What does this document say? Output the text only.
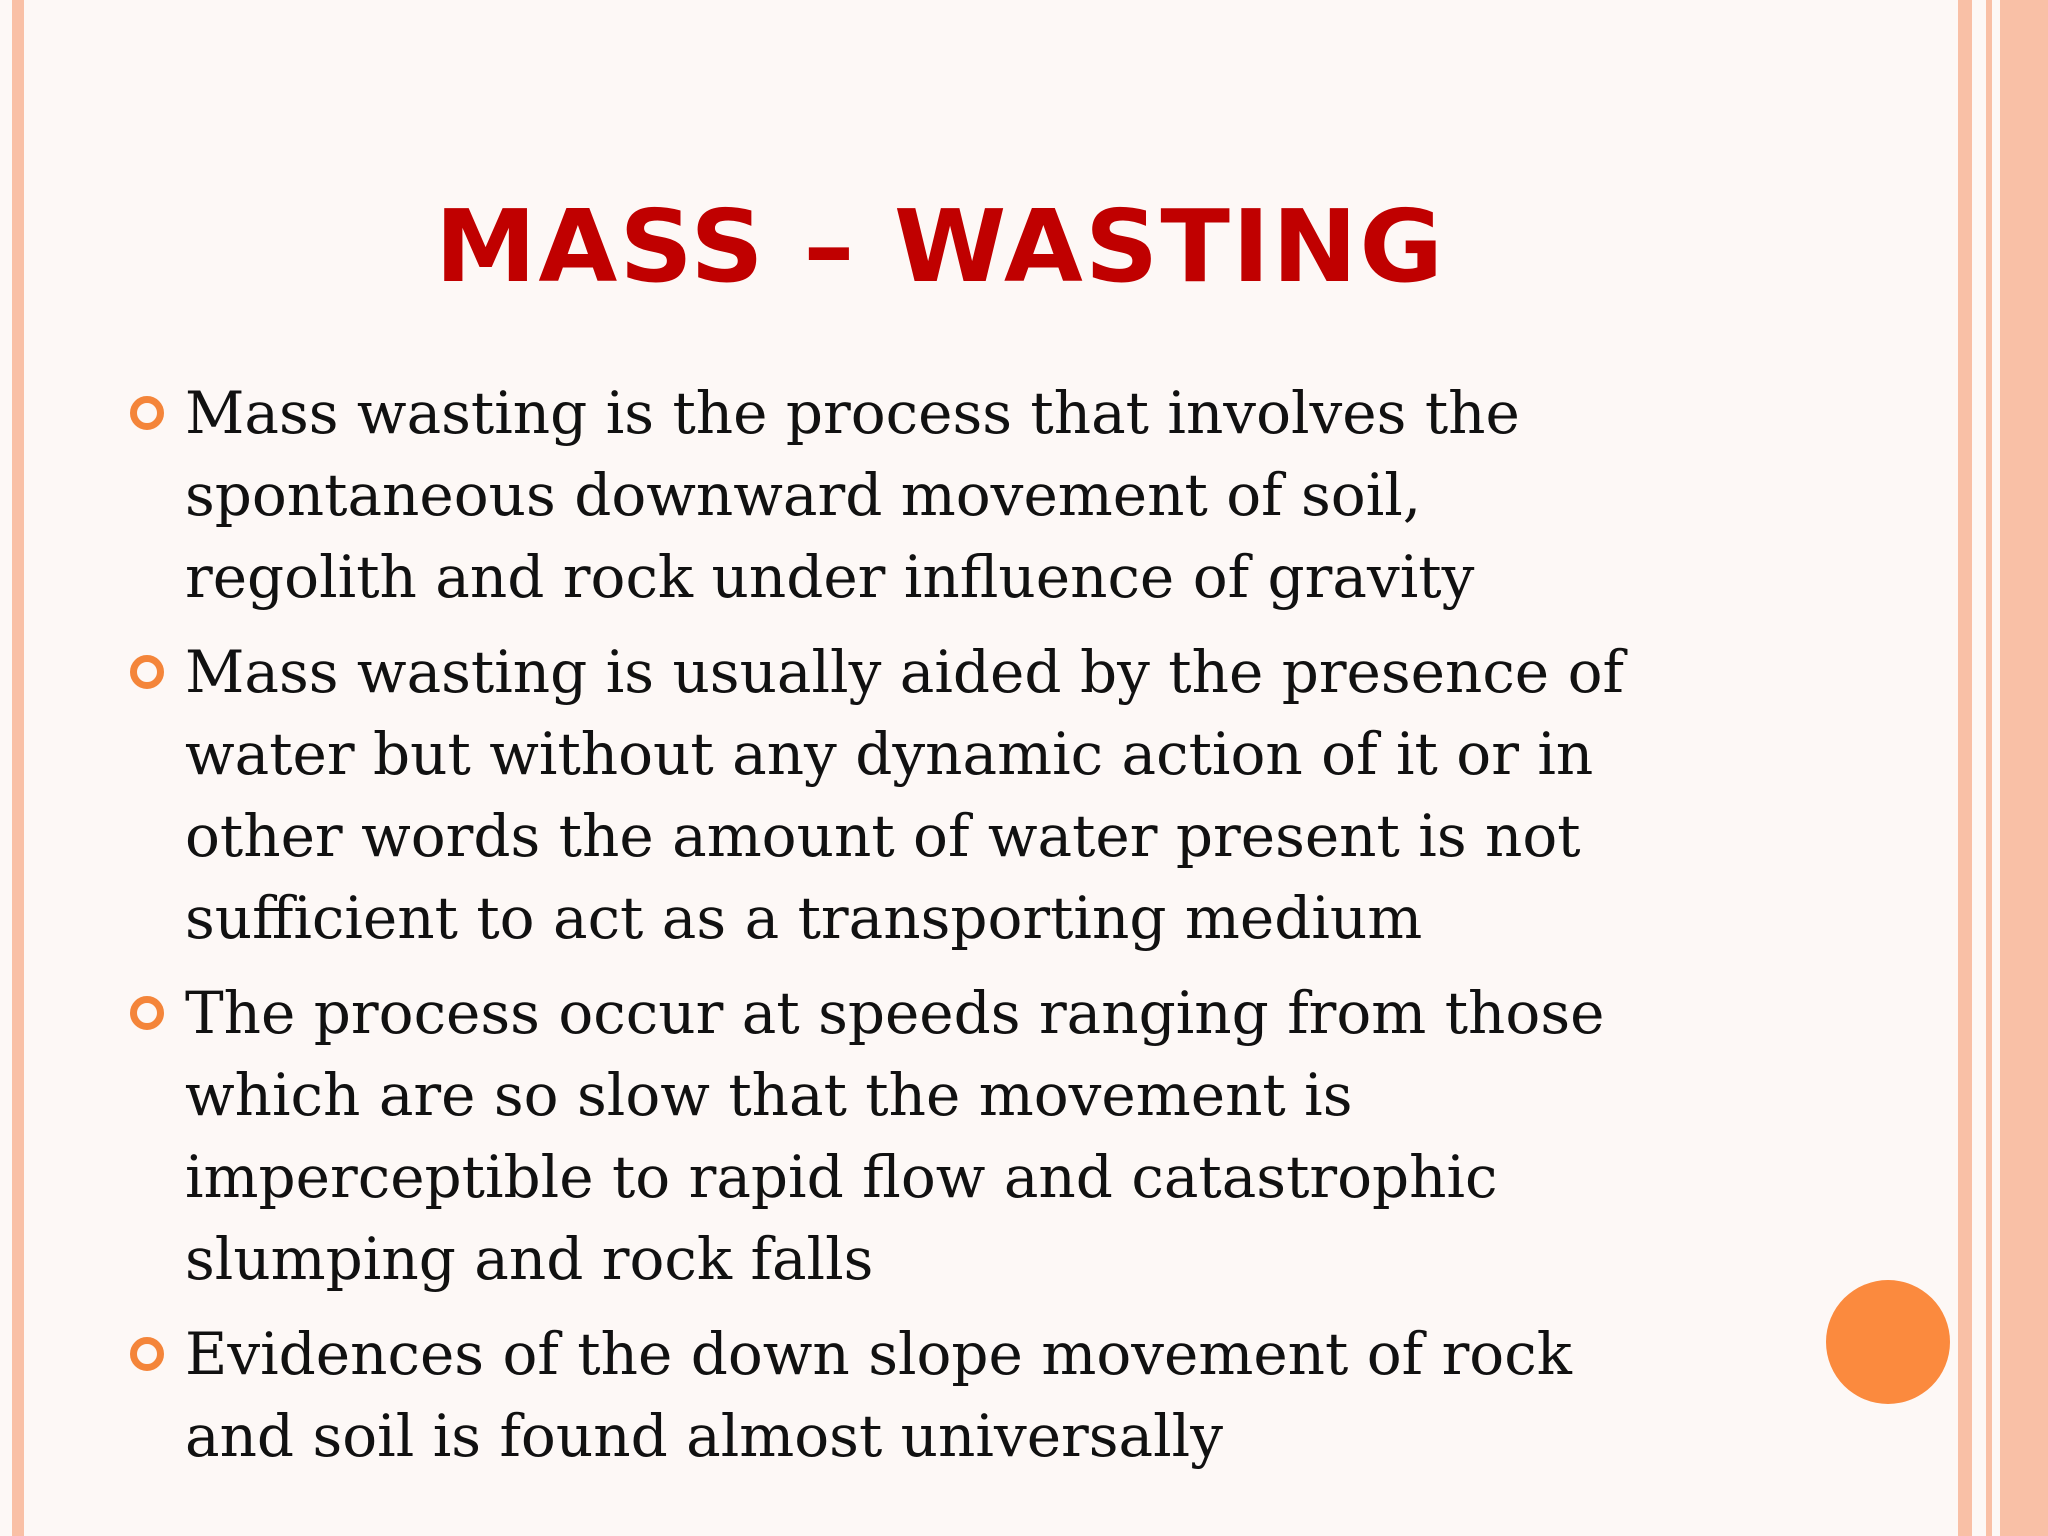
MASS – WASTING
Mass wasting is the process that involves the
spontaneous downward movement of soil,
regolith and rock under influence of gravity
Mass wasting is usually aided by the presence of
water but without any dynamic action of it or in
other words the amount of water present is not
sufficient to act as a transporting medium
The process occur at speeds ranging from those
which are so slow that the movement is
imperceptible to rapid flow and catastrophic
slumping and rock falls
Evidences of the down slope movement of rock
and soil is found almost universally
